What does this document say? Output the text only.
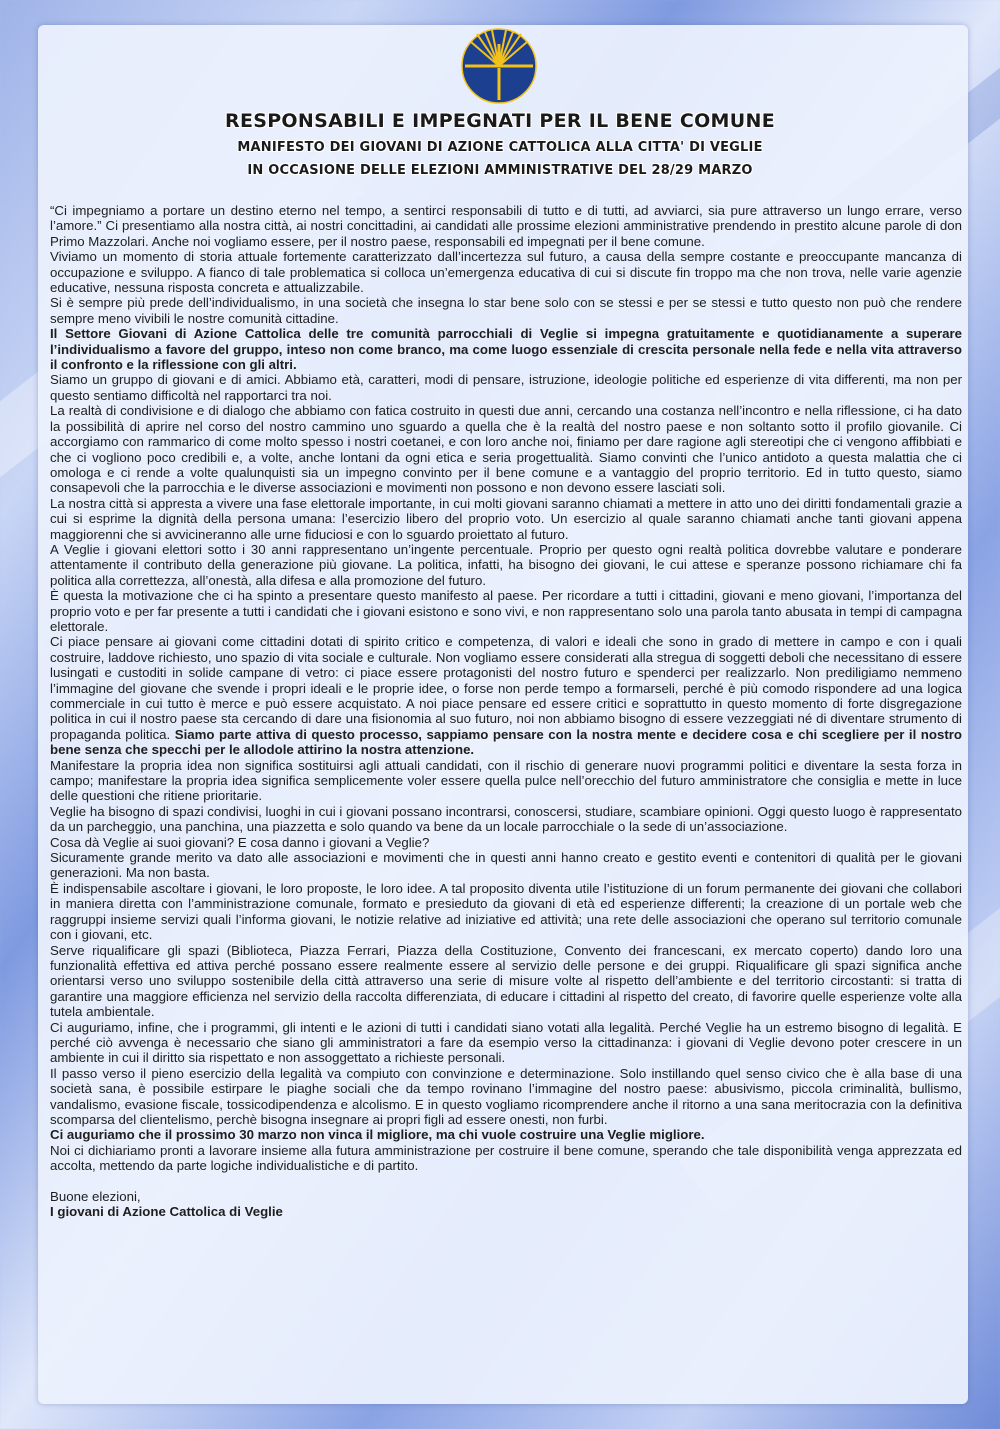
RESPONSABILI E IMPEGNATI PER IL BENE COMUNE
MANIFESTO DEI GIOVANI DI AZIONE CATTOLICA ALLA CITTA' DI VEGLIE
IN OCCASIONE DELLE ELEZIONI AMMINISTRATIVE DEL 28/29 MARZO

“Ci impegniamo a portare un destino eterno nel tempo, a sentirci responsabili di tutto e di tutti, ad avviarci, sia pure attraverso un lungo errare, verso l’amore.” Ci presentiamo alla nostra città, ai nostri concittadini, ai candidati alle prossime elezioni amministrative prendendo in prestito alcune parole di don Primo Mazzolari. Anche noi vogliamo essere, per il nostro paese, responsabili ed impegnati per il bene comune.

Viviamo un momento di storia attuale fortemente caratterizzato dall’incertezza sul futuro, a causa della sempre costante e preoccupante mancanza di occupazione e sviluppo. A fianco di tale problematica si colloca un’emergenza educativa di cui si discute fin troppo ma che non trova, nelle varie agenzie educative, nessuna risposta concreta e attualizzabile.

Si è sempre più prede dell’individualismo, in una società che insegna lo star bene solo con se stessi e per se stessi e tutto questo non può che rendere sempre meno vivibili le nostre comunità cittadine.

Il Settore Giovani di Azione Cattolica delle tre comunità parrocchiali di Veglie si impegna gratuitamente e quotidianamente a superare l’individualismo a favore del gruppo, inteso non come branco, ma come luogo essenziale di crescita personale nella fede e nella vita attraverso il confronto e la riflessione con gli altri.

Siamo un gruppo di giovani e di amici. Abbiamo età, caratteri, modi di pensare, istruzione, ideologie politiche ed esperienze di vita differenti, ma non per questo sentiamo difficoltà nel rapportarci tra noi.

La realtà di condivisione e di dialogo che abbiamo con fatica costruito in questi due anni, cercando una costanza nell’incontro e nella riflessione, ci ha dato la possibilità di aprire nel corso del nostro cammino uno sguardo a quella che è la realtà del nostro paese e non soltanto sotto il profilo giovanile. Ci accorgiamo con rammarico di come molto spesso i nostri coetanei, e con loro anche noi, finiamo per dare ragione agli stereotipi che ci vengono affibbiati e che ci vogliono poco credibili e, a volte, anche lontani da ogni etica e seria progettualità. Siamo convinti che l’unico antidoto a questa malattia che ci omologa e ci rende a volte qualunquisti sia un impegno convinto per il bene comune e a vantaggio del proprio territorio. Ed in tutto questo, siamo consapevoli che la parrocchia e le diverse associazioni e movimenti non possono e non devono essere lasciati soli.

La nostra città si appresta a vivere una fase elettorale importante, in cui molti giovani saranno chiamati a mettere in atto uno dei diritti fondamentali grazie a cui si esprime la dignità della persona umana: l’esercizio libero del proprio voto. Un esercizio al quale saranno chiamati anche tanti giovani appena maggiorenni che si avvicineranno alle urne fiduciosi e con lo sguardo proiettato al futuro.

A Veglie i giovani elettori sotto i 30 anni rappresentano un’ingente percentuale. Proprio per questo ogni realtà politica dovrebbe valutare e ponderare attentamente il contributo della generazione più giovane. La politica, infatti, ha bisogno dei giovani, le cui attese e speranze possono richiamare chi fa politica alla correttezza, all’onestà, alla difesa e alla promozione del futuro.

È questa la motivazione che ci ha spinto a presentare questo manifesto al paese. Per ricordare a tutti i cittadini, giovani e meno giovani, l’importanza del proprio voto e per far presente a tutti i candidati che i giovani esistono e sono vivi, e non rappresentano solo una parola tanto abusata in tempi di campagna elettorale.

Ci piace pensare ai giovani come cittadini dotati di spirito critico e competenza, di valori e ideali che sono in grado di mettere in campo e con i quali costruire, laddove richiesto, uno spazio di vita sociale e culturale. Non vogliamo essere considerati alla stregua di soggetti deboli che necessitano di essere lusingati e custoditi in solide campane di vetro: ci piace essere protagonisti del nostro futuro e spenderci per realizzarlo. Non prediligiamo nemmeno l’immagine del giovane che svende i propri ideali e le proprie idee, o forse non perde tempo a formarseli, perché è più comodo rispondere ad una logica commerciale in cui tutto è merce e può essere acquistato. A noi piace pensare ed essere critici e soprattutto in questo momento di forte disgregazione politica in cui il nostro paese sta cercando di dare una fisionomia al suo futuro, noi non abbiamo bisogno di essere vezzeggiati né di diventare strumento di propaganda politica. Siamo parte attiva di questo processo, sappiamo pensare con la nostra mente e decidere cosa e chi scegliere per il nostro bene senza che specchi per le allodole attirino la nostra attenzione.

Manifestare la propria idea non significa sostituirsi agli attuali candidati, con il rischio di generare nuovi programmi politici e diventare la sesta forza in campo; manifestare la propria idea significa semplicemente voler essere quella pulce nell’orecchio del futuro amministratore che consiglia e mette in luce delle questioni che ritiene prioritarie.

Veglie ha bisogno di spazi condivisi, luoghi in cui i giovani possano incontrarsi, conoscersi, studiare, scambiare opinioni. Oggi questo luogo è rappresentato da un parcheggio, una panchina, una piazzetta e solo quando va bene da un locale parrocchiale o la sede di un’associazione.

Cosa dà Veglie ai suoi giovani? E cosa danno i giovani a Veglie?

Sicuramente grande merito va dato alle associazioni e movimenti che in questi anni hanno creato e gestito eventi e contenitori di qualità per le giovani generazioni. Ma non basta.

È indispensabile ascoltare i giovani, le loro proposte, le loro idee. A tal proposito diventa utile l’istituzione di un forum permanente dei giovani che collabori in maniera diretta con l’amministrazione comunale, formato e presieduto da giovani di età ed esperienze differenti; la creazione di un portale web che raggruppi insieme servizi quali l’informa giovani, le notizie relative ad iniziative ed attività; una rete delle associazioni che operano sul territorio comunale con i giovani, etc.

Serve riqualificare gli spazi (Biblioteca, Piazza Ferrari, Piazza della Costituzione, Convento dei francescani, ex mercato coperto) dando loro una funzionalità effettiva ed attiva perché possano essere realmente essere al servizio delle persone e dei gruppi. Riqualificare gli spazi significa anche orientarsi verso uno sviluppo sostenibile della città attraverso una serie di misure volte al rispetto dell’ambiente e del territorio circostanti: si tratta di garantire una maggiore efficienza nel servizio della raccolta differenziata, di educare i cittadini al rispetto del creato, di favorire quelle esperienze volte alla tutela ambientale.

Ci auguriamo, infine, che i programmi, gli intenti e le azioni di tutti i candidati siano votati alla legalità. Perché Veglie ha un estremo bisogno di legalità. E perché ciò avvenga è necessario che siano gli amministratori a fare da esempio verso la cittadinanza: i giovani di Veglie devono poter crescere in un ambiente in cui il diritto sia rispettato e non assoggettato a richieste personali.

Il passo verso il pieno esercizio della legalità va compiuto con convinzione e determinazione. Solo instillando quel senso civico che è alla base di una società sana, è possibile estirpare le piaghe sociali che da tempo rovinano l’immagine del nostro paese: abusivismo, piccola criminalità, bullismo, vandalismo, evasione fiscale, tossicodipendenza e alcolismo. E in questo vogliamo ricomprendere anche il ritorno a una sana meritocrazia con la definitiva scomparsa del clientelismo, perchè bisogna insegnare ai propri figli ad essere onesti, non furbi.

Ci auguriamo che il prossimo 30 marzo non vinca il migliore, ma chi vuole costruire una Veglie migliore.

Noi ci dichiariamo pronti a lavorare insieme alla futura amministrazione per costruire il bene comune, sperando che tale disponibilità venga apprezzata ed accolta, mettendo da parte logiche individualistiche e di partito.

Buone elezioni,

I giovani di Azione Cattolica di Veglie
